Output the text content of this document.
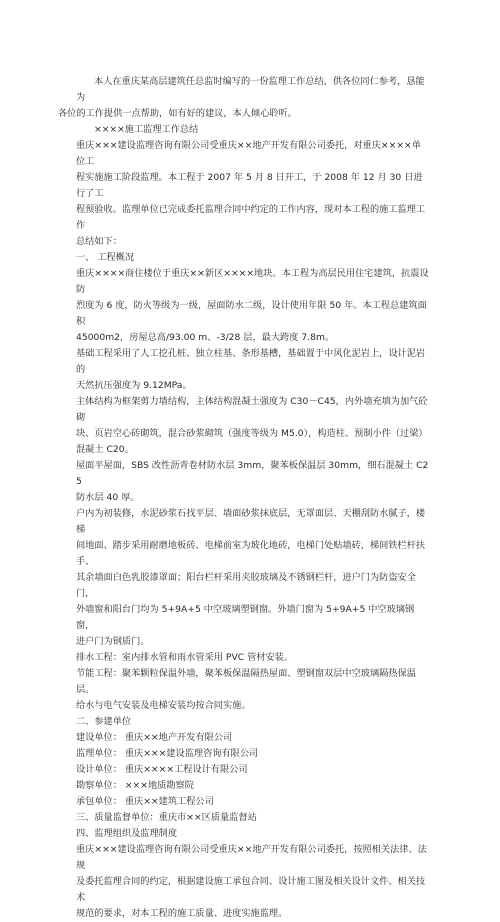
本人在重庆某高层建筑任总监时编写的一份监理工作总结，供各位同仁参考，恳能为
各位的工作提供一点帮助，如有好的建议，本人倾心聆听。

××××施工监理工作总结

重庆×××建设监理咨询有限公司受重庆××地产开发有限公司委托，对重庆××××单位工
程实施施工阶段监理。本工程于 2007 年 5 月 8 日开工，于 2008 年 12 月 30 日进行了工
程预验收。监理单位已完成委托监理合同中约定的工作内容，现对本工程的施工监理工作
总结如下：

一、 工程概况

重庆××××商住楼位于重庆××新区××××地块。本工程为高层民用住宅建筑，抗震设防
烈度为 6 度，防火等级为一级，屋面防水二级，设计使用年限 50 年。本工程总建筑面积
45000m2，房屋总高/93.00 m、-3/28 层，最大跨度 7.8m。

基础工程采用了人工挖孔桩、独立柱基、条形基槽，基础置于中风化泥岩上，设计泥岩的
天然抗压强度为 9.12MPa。

主体结构为框架剪力墙结构，主体结构混凝土强度为 C30－C45，内外墙充填为加气砼砌
块、页岩空心砖砌筑，混合砂浆砌筑（强度等级为 M5.0），构造柱、预制小件（过梁）
混凝土 C20。

屋面平屋面，SBS 改性沥青卷材防水层 3mm，聚苯板保温层 30mm，细石混凝土 C25
防水层 40 厚。

户内为初装修，水泥砂浆石找平层、墙面砂浆抹底层，无罩面层、天棚刮防水腻子，楼梯
间地面、踏步采用耐磨地板砖、电梯前室为玻化地砖，电梯门处贴墙砖，梯间铁栏杆扶手、
其余墙面白色乳胶漆罩面；阳台栏杆采用夹胶玻璃及不锈钢栏杆，进户门为防盗安全门，
外墙窗和阳台门均为 5+9A+5 中空玻璃塑钢窗。外墙门窗为 5+9A+5 中空玻璃钢窗，
进户门为钢质门。

排水工程：室内排水管和雨水管采用 PVC 管材安装。

节能工程：聚苯颗粒保温外墙，聚苯板保温隔热屋面、塑钢窗双层中空玻璃隔热保温层。

给水与电气安装及电梯安装均按合同实施。

二、参建单位

建设单位： 重庆××地产开发有限公司
监理单位： 重庆×××建设监理咨询有限公司
设计单位： 重庆××××工程设计有限公司
勘察单位： ×××地质勘察院
承包单位： 重庆××建筑工程公司

三、质量监督单位：重庆市××区质量监督站

四、监理组织及监理制度

重庆×××建设监理咨询有限公司受重庆××地产开发有限公司委托，按照相关法律、法规
及委托监理合同的约定，根据建设施工承包合同、设计施工图及相关设计文件、相关技术
规范的要求，对本工程的施工质量、进度实施监理。
